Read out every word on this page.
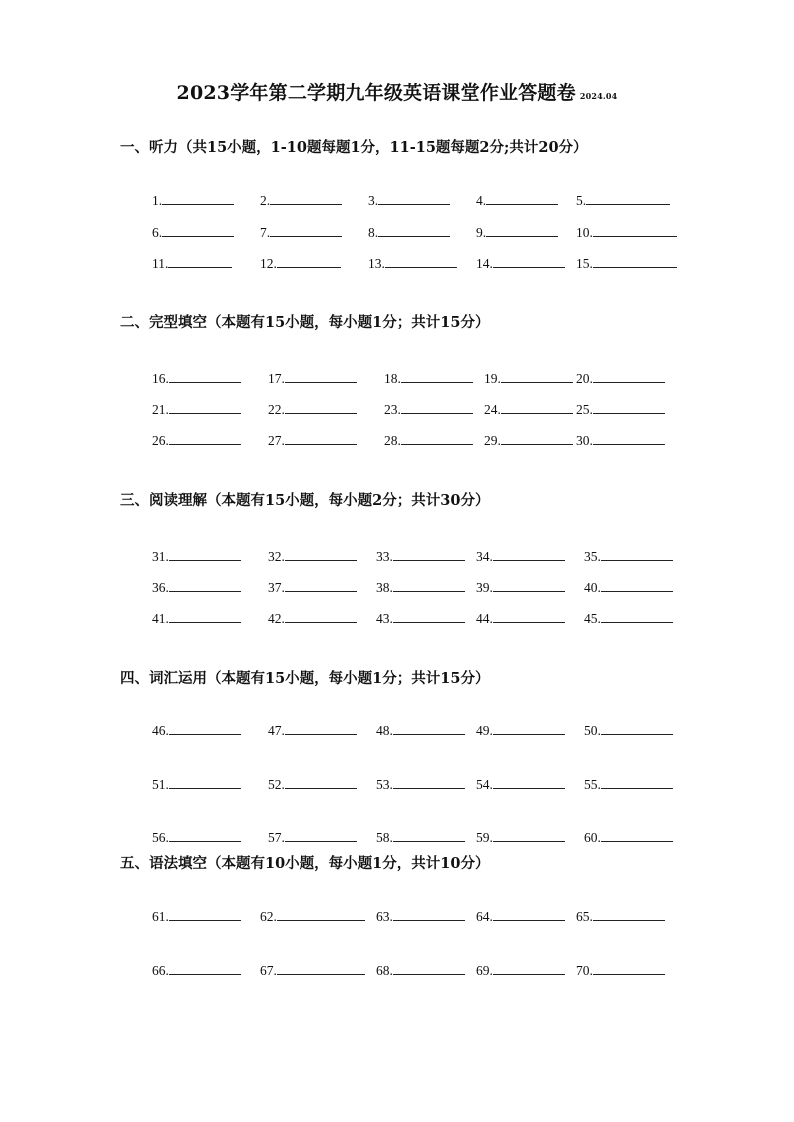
2023学年第二学期九年级英语课堂作业答题卷 2024.04
一、听力（共15小题，1-10题每题1分，11-15题每题2分;共计20分）
二、完型填空（本题有15小题，每小题1分；共计15分）
三、阅读理解（本题有15小题，每小题2分；共计30分）
四、词汇运用（本题有15小题，每小题1分；共计15分）
五、语法填空（本题有10小题，每小题1分，共计10分）
1.	2.	3.	4.	5.
6.	7.	8.	9.	10.
11.	12.	13.	14.	15.
16.	17.	18.	19.	20.
21.	22.	23.	24.	25.
26.	27.	28.	29.	30.
31.	32.	33.	34.	35.
36.	37.	38.	39.	40.
41.	42.	43.	44.	45.
46.	47.	48.	49.	50.
51.	52.	53.	54.	55.
56.	57.	58.	59.	60.
61.	62.	63.	64.	65.
66.	67.	68.	69.	70.
